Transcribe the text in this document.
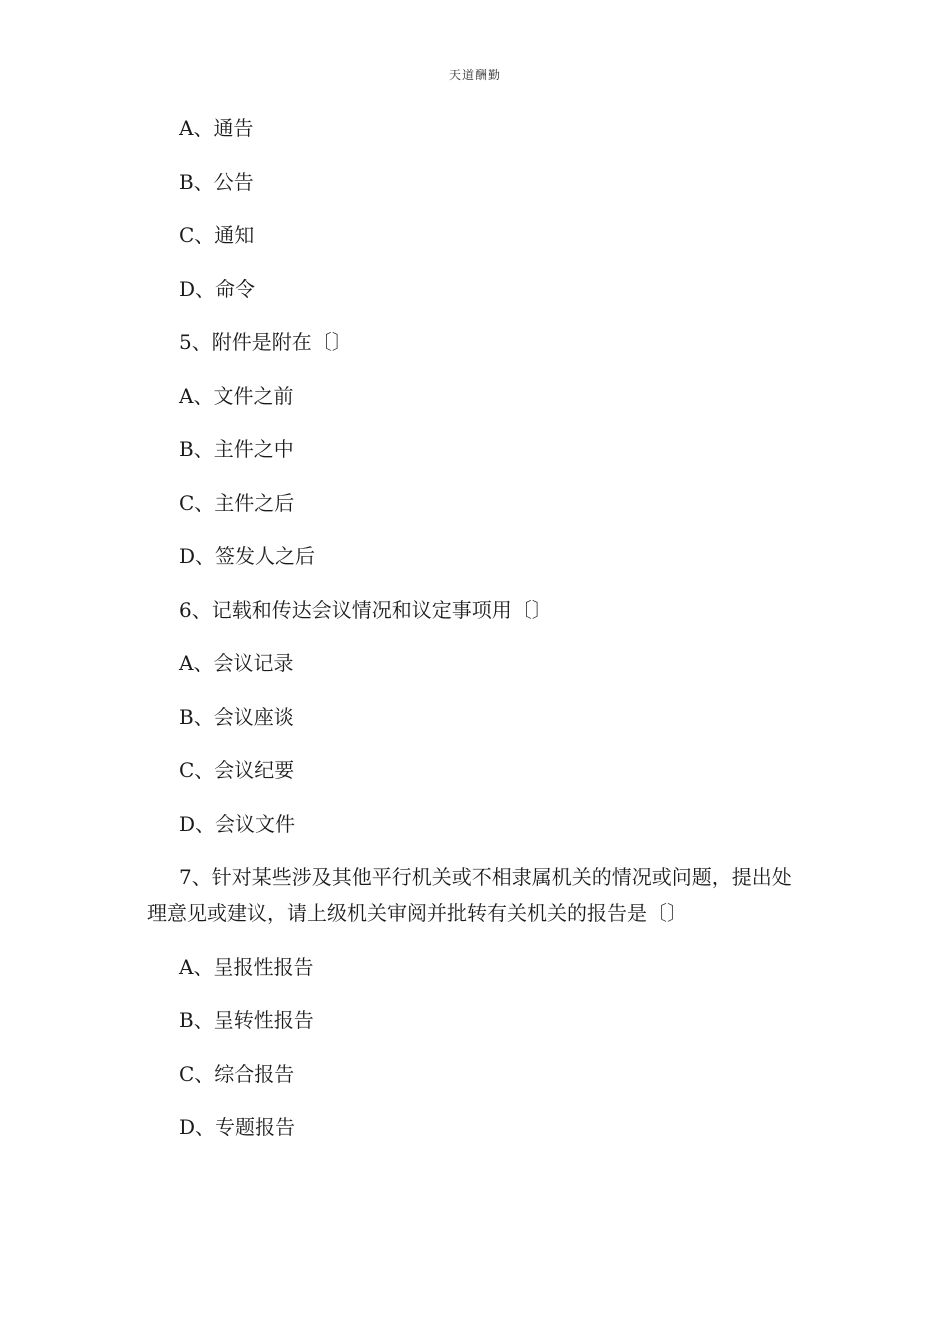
天道酬勤
A、通告
B、公告
C、通知
D、命令
5、附件是附在〔〕
A、文件之前
B、主件之中
C、主件之后
D、签发人之后
6、记载和传达会议情况和议定事项用〔〕
A、会议记录
B、会议座谈
C、会议纪要
D、会议文件
7、针对某些涉及其他平行机关或不相隶属机关的情况或问题，提出处理意见或建议，请上级机关审阅并批转有关机关的报告是〔〕
A、呈报性报告
B、呈转性报告
C、综合报告
D、专题报告
